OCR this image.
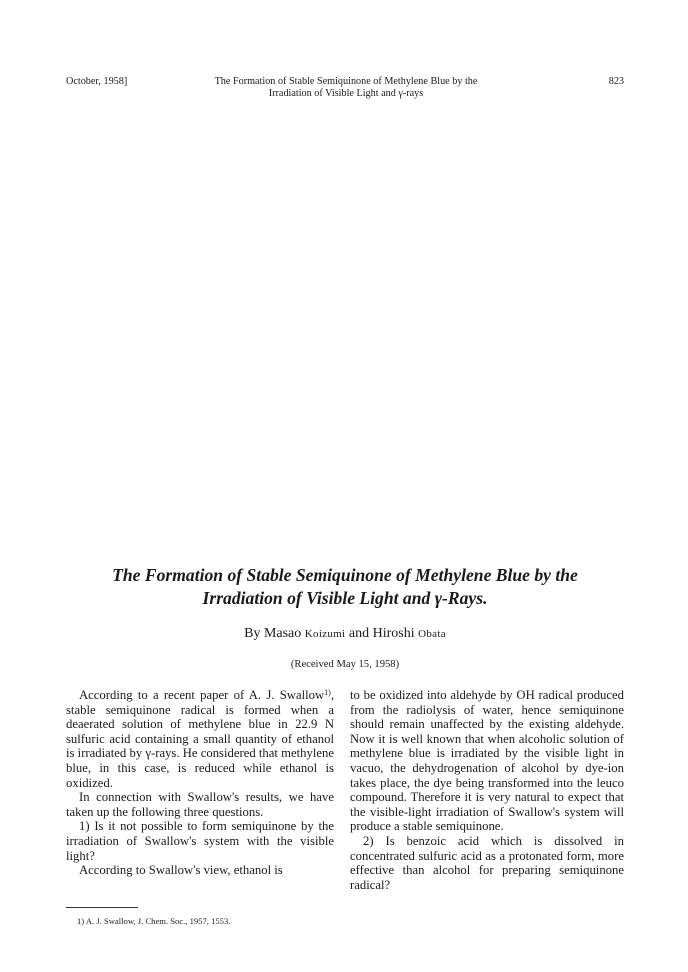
October, 1958]	The Formation of Stable Semiquinone of Methylene Blue by the
Irradiation of Visible Light and γ-rays
823
The Formation of Stable Semiquinone of Methylene Blue by the
Irradiation of Visible Light and γ-Rays.
By Masao Koizumi and Hiroshi Obata
(Received May 15, 1958)

According to a recent paper of A. J. Swallow$^{1)}$, stable semiquinone radical is formed when a deaerated solution of methylene blue in 22.9 N sulfuric acid containing a small quantity of ethanol is irradiated by γ-rays. He considered that methylene blue, in this case, is reduced while ethanol is oxidized.

In connection with Swallow's results, we have taken up the following three questions.

1) Is it not possible to form semiquinone by the irradiation of Swallow's system with the visible light?

According to Swallow's view, ethanol is

to be oxidized into aldehyde by OH radical produced from the radiolysis of water, hence semiquinone should remain unaffected by the existing aldehyde. Now it is well known that when alcoholic solution of methylene blue is irradiated by the visible light in vacuo, the dehydrogenation of alcohol by dye-ion takes place, the dye being transformed into the leuco compound. Therefore it is very natural to expect that the visible-light irradiation of Swallow's system will produce a stable semiquinone.

2) Is benzoic acid which is dissolved in concentrated sulfuric acid as a protonated form, more effective than alcohol for preparing semiquinone radical?

1) A. J. Swallow, J. Chem. Soc., 1957, 1553.
